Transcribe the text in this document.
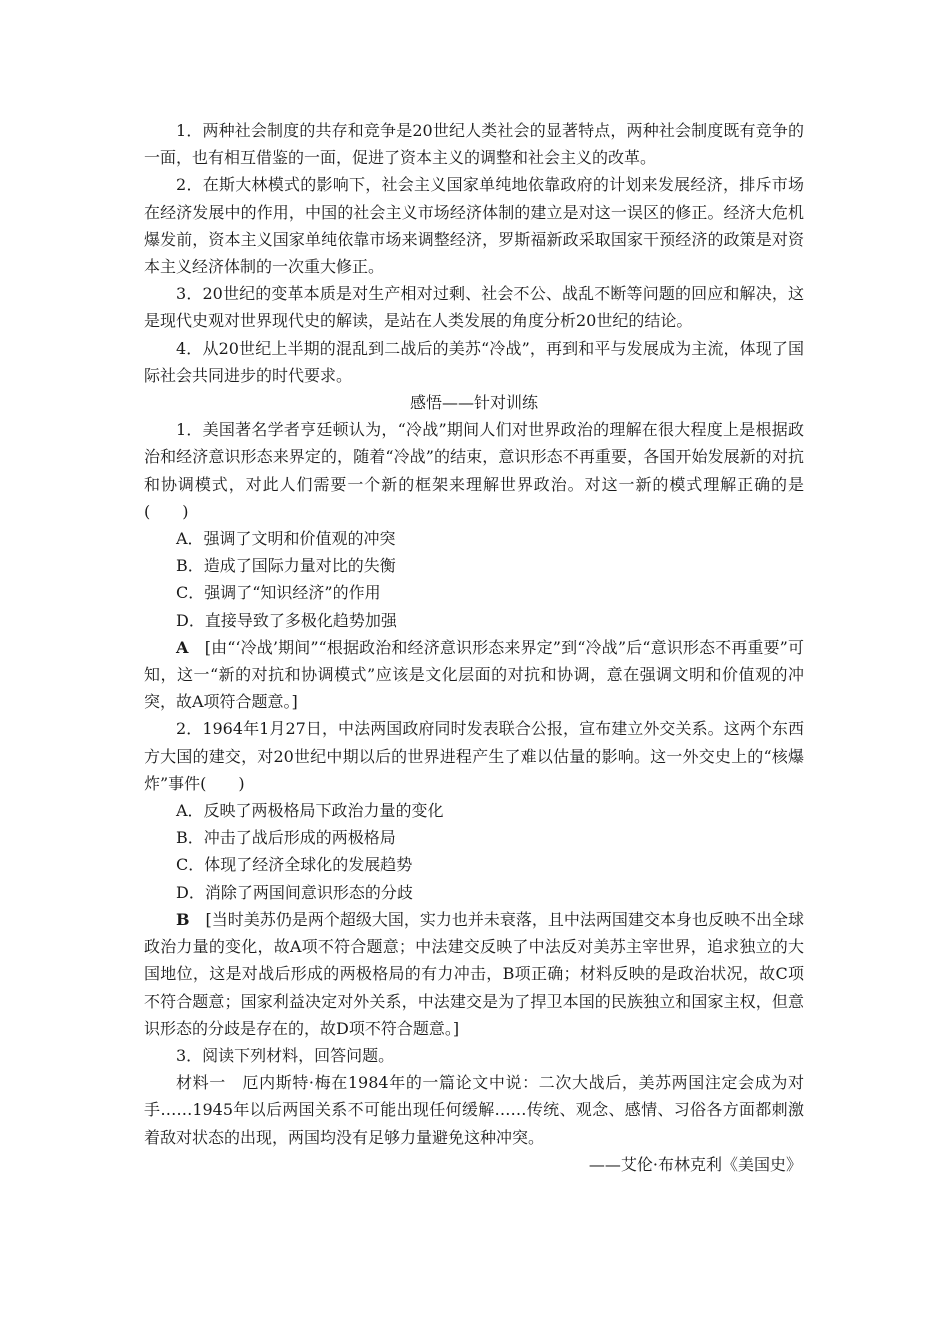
1．两种社会制度的共存和竞争是20世纪人类社会的显著特点，两种社会制度既有竞争的一面，也有相互借鉴的一面，促进了资本主义的调整和社会主义的改革。

2．在斯大林模式的影响下，社会主义国家单纯地依靠政府的计划来发展经济，排斥市场在经济发展中的作用，中国的社会主义市场经济体制的建立是对这一误区的修正。经济大危机爆发前，资本主义国家单纯依靠市场来调整经济，罗斯福新政采取国家干预经济的政策是对资本主义经济体制的一次重大修正。

3．20世纪的变革本质是对生产相对过剩、社会不公、战乱不断等问题的回应和解决，这是现代史观对世界现代史的解读，是站在人类发展的角度分析20世纪的结论。

4．从20世纪上半期的混乱到二战后的美苏“冷战”，再到和平与发展成为主流，体现了国际社会共同进步的时代要求。

感悟——针对训练

1．美国著名学者亨廷顿认为，“冷战”期间人们对世界政治的理解在很大程度上是根据政治和经济意识形态来界定的，随着“冷战”的结束，意识形态不再重要，各国开始发展新的对抗和协调模式，对此人们需要一个新的框架来理解世界政治。对这一新的模式理解正确的是(　　)

A．强调了文明和价值观的冲突

B．造成了国际力量对比的失衡

C．强调了“知识经济”的作用

D．直接导致了多极化趋势加强

A　[由“‘冷战’期间”“根据政治和经济意识形态来界定”到“冷战”后“意识形态不再重要”可知，这一“新的对抗和协调模式”应该是文化层面的对抗和协调，意在强调文明和价值观的冲突，故A项符合题意。]

2．1964年1月27日，中法两国政府同时发表联合公报，宣布建立外交关系。这两个东西方大国的建交，对20世纪中期以后的世界进程产生了难以估量的影响。这一外交史上的“核爆炸”事件(　　)

A．反映了两极格局下政治力量的变化

B．冲击了战后形成的两极格局

C．体现了经济全球化的发展趋势

D．消除了两国间意识形态的分歧

B　[当时美苏仍是两个超级大国，实力也并未衰落，且中法两国建交本身也反映不出全球政治力量的变化，故A项不符合题意；中法建交反映了中法反对美苏主宰世界，追求独立的大国地位，这是对战后形成的两极格局的有力冲击，B项正确；材料反映的是政治状况，故C项不符合题意；国家利益决定对外关系，中法建交是为了捍卫本国的民族独立和国家主权，但意识形态的分歧是存在的，故D项不符合题意。]

3．阅读下列材料，回答问题。

材料一　厄内斯特·梅在1984年的一篇论文中说：二次大战后，美苏两国注定会成为对手……1945年以后两国关系不可能出现任何缓解……传统、观念、感情、习俗各方面都刺激着敌对状态的出现，两国均没有足够力量避免这种冲突。

——艾伦·布林克利《美国史》
